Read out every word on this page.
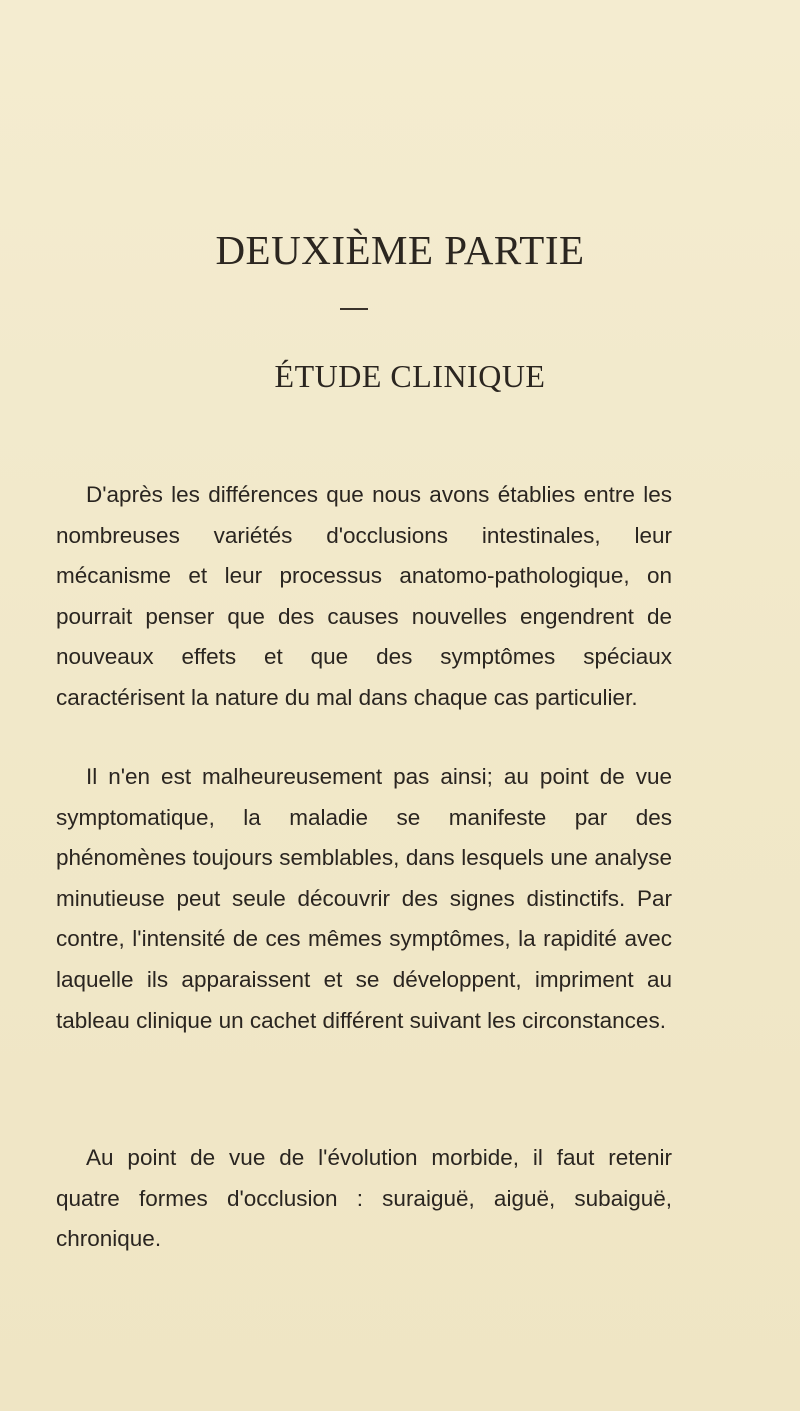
DEUXIÈME PARTIE
ÉTUDE CLINIQUE

D'après les différences que nous avons établies entre les nombreuses variétés d'occlusions intestinales, leur mécanisme et leur processus anatomo-pathologique, on pourrait penser que des causes nouvelles engendrent de nouveaux effets et que des symptômes spéciaux caractérisent la nature du mal dans chaque cas particulier.

Il n'en est malheureusement pas ainsi; au point de vue symptomatique, la maladie se manifeste par des phénomènes toujours semblables, dans lesquels une analyse minutieuse peut seule découvrir des signes distinctifs. Par contre, l'intensité de ces mêmes symptômes, la rapidité avec laquelle ils apparaissent et se développent, impriment au tableau clinique un cachet différent suivant les circonstances.

Au point de vue de l'évolution morbide, il faut retenir quatre formes d'occlusion : suraiguë, aiguë, subaiguë, chronique.
